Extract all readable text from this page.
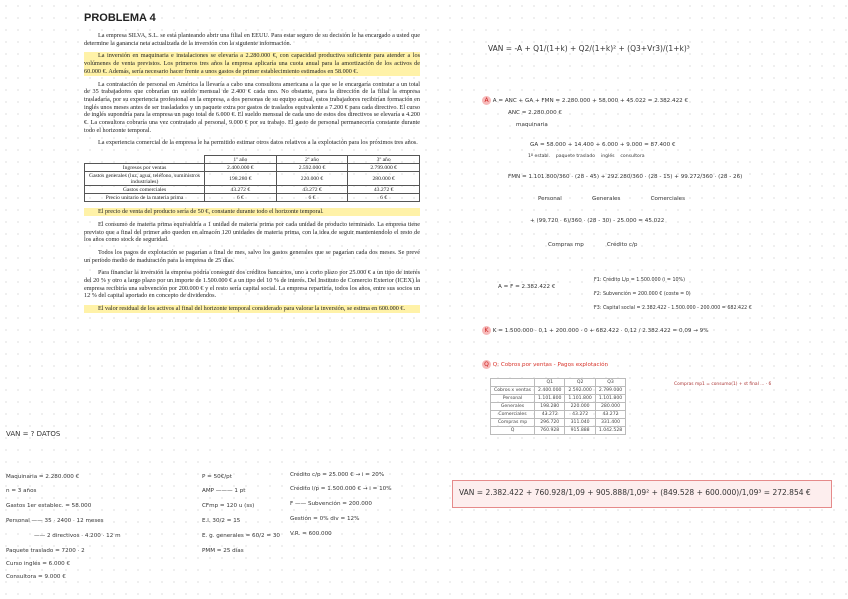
PROBLEMA 4

La empresa SILVA, S.L. se está planteando abrir una filial en EEUU. Para estar seguro de su decisión le ha encargado a usted que determine la ganancia neta actualizada de la inversión con la siguiente información.

La inversión en maquinaria e instalaciones se elevaría a 2.280.000 €, con capacidad productiva suficiente para atender a los volúmenes de venta previstos. Los primeros tres años la empresa aplicaría una cuota anual para la amortización de los activos de 60.000 €. Además, sería necesario hacer frente a unos gastos de primer establecimiento estimados en 58.000 €.

La contratación de personal en América la llevaría a cabo una consultora americana a la que se le encargaría contratar a un total de 35 trabajadores que cobrarían un sueldo mensual de 2.400 € cada uno. No obstante, para la dirección de la filial la empresa trasladaría, por su experiencia profesional en la empresa, a dos personas de su equipo actual, estos trabajadores recibirían formación en inglés unos meses antes de ser trasladados y un paquete extra por gastos de traslados equivalente a 7.200 € para cada directivo. El curso de inglés supondría para la empresa un pago total de 6.000 €. El sueldo mensual de cada uno de estos dos directivos se elevaría a 4.200 €. La consultora cobraría una vez contratado al personal, 9.000 € por su trabajo. El gasto de personal permanecería constante durante todo el horizonte temporal.

La experiencia comercial de la empresa le ha permitido estimar otros datos relativos a la explotación para los próximos tres años.

	1º año	2º año	3º año
Ingresos por ventas	2.400.000 €	2.592.000 €	2.799.000 €
Gastos generales (luz, agua, teléfono, suministros industriales)	198.280 €	220.000 €	280.000 €
Gastos comerciales	43.272 €	43.272 €	43.272 €
Precio unitario de la materia prima	6 €	6 €	6 €

El precio de venta del producto sería de 50 €, constante durante todo el horizonte temporal.

El consumo de materia prima equivaldría a 1 unidad de materia prima por cada unidad de producto terminado. La empresa tiene previsto que a final del primer año queden en almacén 120 unidades de materia prima, con la idea de seguir manteniendolo el resto de los años como stock de seguridad.

Todos los pagos de explotación se pagarían a final de mes, salvo los gastos generales que se pagarían cada dos meses. Se prevé un periodo medio de maduración para la empresa de 25 días.

Para financiar la inversión la empresa podría conseguir dos créditos bancarios, uno a corto plazo por 25.000 € a un tipo de interés del 20 % y otro a largo plazo por un importe de 1.500.000 € a un tipo del 10 % de interés. Del Instituto de Comercio Exterior (ICEX) la empresa recibiría una subvención por 200.000 € y el resto sería capital social. La empresa repartiría, todos los años, entre sus socios un 12 % del capital aportado en concepto de dividendos.

El valor residual de los activos al final del horizonte temporal considerado para valorar la inversión, se estima en 600.000 €.

VAN = ? DATOS
Maquinaria = 2.280.000 €
n = 3 años
Gastos 1er establec. = 58.000
Personal —— 35 · 2400 · 12 meses
—— 2 directivos · 4.200 · 12 m
Paquete traslado = 7200 · 2
Curso inglés = 6.000 €
Consultora = 9.000 €
P = 50€/pt
AMP ——— 1 pt
CFmp = 120 u (ss)
E.l. 30/2 = 15
E. g. generales = 60/2 = 30
PMM = 25 días
Crédito c/p = 25.000 € → i = 20%
Crédito l/p = 1.500.000 € → i = 10%
F —— Subvención = 200.000
Gestión = 0% div = 12%
V.R. = 600.000
VAN = -A + Q1/(1+k) + Q2/(1+k)² + (Q3+Vr3)/(1+k)³
A A = ANC + GA + FMN = 2.280.000 + 58.000 + 45.022 = 2.382.422 €
ANC = 2.280.000 €
maquinaria
GA = 58.000 + 14.400 + 6.000 + 9.000 = 87.400 €
1º establ. paquete traslado inglés consultora
FMN = 1.101.800/360 · (28 - 45) + 292.280/360 · (28 - 15) + 99.272/360 · (28 - 26)
Personal	Generales	Comerciales
+ (99.720 · 6)/360 · (28 - 30) - 25.000 = 45.022
Compras mp	Crédito c/p
A = F = 2.382.422 €
F1: Crédito L/p = 1.500.000 (i = 10%)
F2: Subvención = 200.000 € (coste = 0)
F3: Capital social = 2.382.422 - 1.500.000 - 200.000 = 682.422 €
K K = 1.500.000 · 0,1 + 200.000 · 0 + 682.422 · 0,12 / 2.382.422 = 0,09 → 9%
Q Q: Cobros por ventas - Pagos explotación
	Q1	Q2	Q3
Cobros x ventas	2.400.000	2.592.000	2.799.000
Personal	1.101.800	1.101.800	1.101.800
Generales	198.280	220.000	280.000
Comerciales	43.272	43.272	43.272
Compras mp	296.720	311.040	331.400
Q	760.928	915.888	1.042.528
Compras mp1 = consumo(1) + st final ... · 6
VAN = 2.382.422 + 760.928/1,09 + 905.888/1,09² + (849.528 + 600.000)/1,09³ = 272.854 €
